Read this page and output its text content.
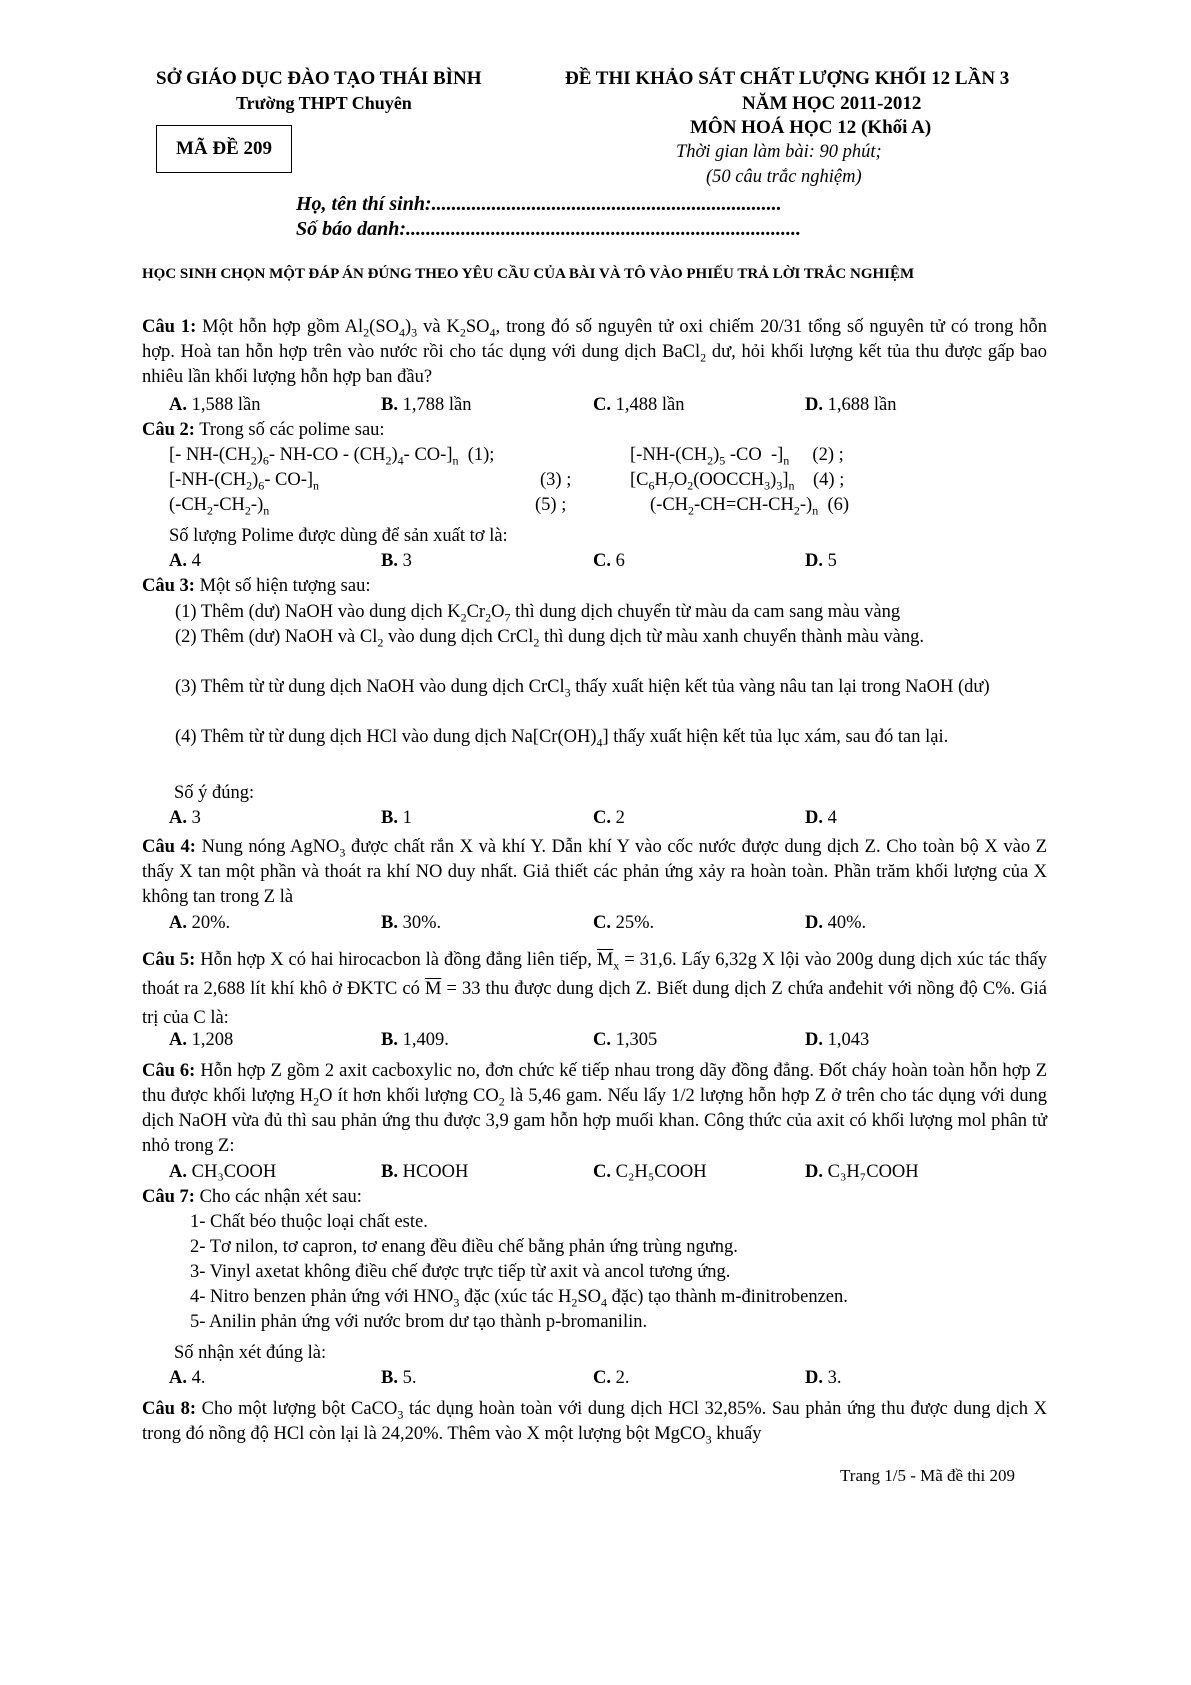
SỞ GIÁO DỤC ĐÀO TẠO THÁI BÌNH
Trường THPT Chuyên
MÃ ĐỀ 209
ĐỀ THI KHẢO SÁT CHẤT LƯỢNG KHỐI 12 LẦN 3
NĂM HỌC 2011-2012
MÔN HOÁ HỌC 12 (Khối A)
Thời gian làm bài: 90 phút;
(50 câu trắc nghiệm)
Họ, tên thí sinh:......................................................................
Số báo danh:...............................................................................
HỌC SINH CHỌN MỘT ĐÁP ÁN ĐÚNG THEO YÊU CẦU CỦA BÀI VÀ TÔ VÀO PHIẾU TRẢ LỜI TRẮC NGHIỆM
Câu 1: Một hỗn hợp gồm $Al_2(SO_4)_3$ và $K_2SO_4$, trong đó số nguyên tử oxi chiếm 20/31 tổng số nguyên tử có trong hỗn hợp. Hoà tan hỗn hợp trên vào nước rồi cho tác dụng với dung dịch BaCl$_2$ dư, hỏi khối lượng kết tủa thu được gấp bao nhiêu lần khối lượng hỗn hợp ban đầu?
A. 1,588 lần	B. 1,788 lần	C. 1,488 lần	D. 1,688 lần
Câu 2: Trong số các polime sau:
[- $NH-(CH_2)_6-$ $NH-CO - (CH_2)_4-$ $CO-]_n$  (1);	[$-NH-(CH_2)_5$ -CO  $-]_n$     (2) ;
[$-NH-(CH_2)_6-$ $CO-]_n$	(3) ;	$[C_6H_7O_2(OOCCH_3)_3]_n$    (4) ;
$(-CH_2-CH_2-)_n$	(5) ;	$(-CH_2-CH=CH-CH_2-)_n$  (6)
Số lượng Polime được dùng để sản xuất tơ là:
A. 4	B. 3	C. 6	D. 5
Câu 3: Một số hiện tượng sau:
(1) Thêm (dư) NaOH vào dung dịch $K_2Cr_2O_7$ thì dung dịch chuyển từ màu da cam sang màu vàng
(2) Thêm (dư) NaOH và $Cl_2$ vào dung dịch CrCl$_2$ thì dung dịch từ màu xanh chuyển thành màu vàng.
(3) Thêm từ từ dung dịch NaOH vào dung dịch CrCl$_3$ thấy xuất hiện kết tủa vàng nâu tan lại trong NaOH (dư)
(4) Thêm từ từ dung dịch HCl vào dung dịch $Na[Cr(OH)_4]$ thấy xuất hiện kết tủa lục xám, sau đó tan lại.
Số ý đúng:
A. 3	B. 1	C. 2	D. 4
Câu 4: Nung nóng AgNO$_3$ được chất rắn X và khí Y. Dẫn khí Y vào cốc nước được dung dịch Z. Cho toàn bộ X vào Z thấy X tan một phần và thoát ra khí NO duy nhất. Giả thiết các phản ứng xảy ra hoàn toàn. Phần trăm khối lượng của X không tan trong Z là
A. 20%.	B. 30%.	C. 25%.	D. 40%.
Câu 5: Hỗn hợp X có hai hirocacbon là đồng đẳng liên tiếp, $\overline{M}_x = 31,6$. Lấy 6,32g X lội vào 200g dung dịch xúc tác thấy thoát ra 2,688 lít khí khô ở ĐKTC có $\overline{M} = 33$ thu được dung dịch Z. Biết dung dịch Z chứa anđehit với nồng độ C%. Giá trị của C là:
A. 1,208	B. 1,409.	C. 1,305	D. 1,043
Câu 6: Hỗn hợp Z gồm 2 axit cacboxylic no, đơn chức kế tiếp nhau trong dãy đồng đẳng. Đốt cháy hoàn toàn hỗn hợp Z thu được khối lượng $H_2O$ ít hơn khối lượng $CO_2$ là 5,46 gam. Nếu lấy 1/2 lượng hỗn hợp Z ở trên cho tác dụng với dung dịch NaOH vừa đủ thì sau phản ứng thu được 3,9 gam hỗn hợp muối khan. Công thức của axit có khối lượng mol phân tử nhỏ trong Z:
A. CH₃COOH	B. HCOOH	C. C₂H₅COOH	D. C₃H₇COOH
Câu 7: Cho các nhận xét sau:
1- Chất béo thuộc loại chất este.
2- Tơ nilon, tơ capron, tơ enang đều điều chế bằng phản ứng trùng ngưng.
3- Vinyl axetat không điều chế được trực tiếp từ axit và ancol tương ứng.
4- Nitro benzen phản ứng với $HNO_3$ đặc (xúc tác $H_2SO_4$ đặc) tạo thành m-đinitrobenzen.
5- Anilin phản ứng với nước brom dư tạo thành p-bromanilin.
Số nhận xét đúng là:
A. 4.	B. 5.	C. 2.	D. 3.
Câu 8: Cho một lượng bột CaCO$_3$ tác dụng hoàn toàn với dung dịch HCl 32,85%. Sau phản ứng thu được dung dịch X trong đó nồng độ HCl còn lại là 24,20%. Thêm vào X một lượng bột MgCO$_3$ khuấy
Trang 1/5 - Mã đề thi 209
